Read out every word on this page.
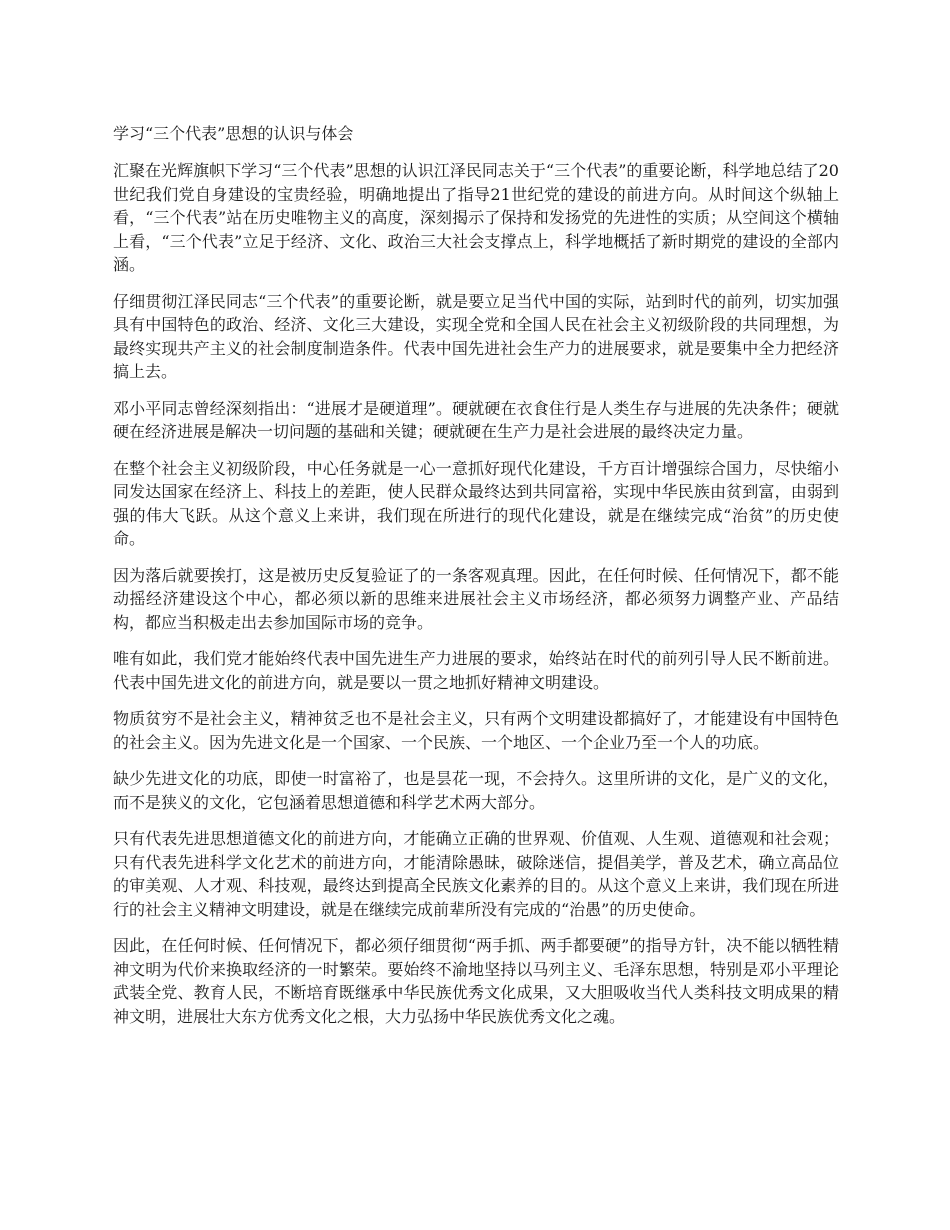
学习“三个代表”思想的认识与体会

汇聚在光辉旗帜下学习“三个代表”思想的认识江泽民同志关于“三个代表”的重要论断，科学地总结了20世纪我们党自身建设的宝贵经验，明确地提出了指导21世纪党的建设的前进方向。从时间这个纵轴上看，“三个代表”站在历史唯物主义的高度，深刻揭示了保持和发扬党的先进性的实质；从空间这个横轴上看，“三个代表”立足于经济、文化、政治三大社会支撑点上，科学地概括了新时期党的建设的全部内涵。

仔细贯彻江泽民同志“三个代表”的重要论断，就是要立足当代中国的实际，站到时代的前列，切实加强具有中国特色的政治、经济、文化三大建设，实现全党和全国人民在社会主义初级阶段的共同理想，为最终实现共产主义的社会制度制造条件。代表中国先进社会生产力的进展要求，就是要集中全力把经济搞上去。

邓小平同志曾经深刻指出：“进展才是硬道理”。硬就硬在衣食住行是人类生存与进展的先决条件；硬就硬在经济进展是解决一切问题的基础和关键；硬就硬在生产力是社会进展的最终决定力量。

在整个社会主义初级阶段，中心任务就是一心一意抓好现代化建设，千方百计增强综合国力，尽快缩小同发达国家在经济上、科技上的差距，使人民群众最终达到共同富裕，实现中华民族由贫到富，由弱到强的伟大飞跃。从这个意义上来讲，我们现在所进行的现代化建设，就是在继续完成“治贫”的历史使命。

因为落后就要挨打，这是被历史反复验证了的一条客观真理。因此，在任何时候、任何情况下，都不能动摇经济建设这个中心，都必须以新的思维来进展社会主义市场经济，都必须努力调整产业、产品结构，都应当积极走出去参加国际市场的竞争。

唯有如此，我们党才能始终代表中国先进生产力进展的要求，始终站在时代的前列引导人民不断前进。代表中国先进文化的前进方向，就是要以一贯之地抓好精神文明建设。

物质贫穷不是社会主义，精神贫乏也不是社会主义，只有两个文明建设都搞好了，才能建设有中国特色的社会主义。因为先进文化是一个国家、一个民族、一个地区、一个企业乃至一个人的功底。

缺少先进文化的功底，即使一时富裕了，也是昙花一现，不会持久。这里所讲的文化，是广义的文化，而不是狭义的文化，它包涵着思想道德和科学艺术两大部分。

只有代表先进思想道德文化的前进方向，才能确立正确的世界观、价值观、人生观、道德观和社会观；只有代表先进科学文化艺术的前进方向，才能清除愚昧，破除迷信，提倡美学，普及艺术，确立高品位的审美观、人才观、科技观，最终达到提高全民族文化素养的目的。从这个意义上来讲，我们现在所进行的社会主义精神文明建设，就是在继续完成前辈所没有完成的“治愚”的历史使命。

因此，在任何时候、任何情况下，都必须仔细贯彻“两手抓、两手都要硬”的指导方针，决不能以牺牲精神文明为代价来换取经济的一时繁荣。要始终不渝地坚持以马列主义、毛泽东思想，特别是邓小平理论武装全党、教育人民，不断培育既继承中华民族优秀文化成果，又大胆吸收当代人类科技文明成果的精神文明，进展壮大东方优秀文化之根，大力弘扬中华民族优秀文化之魂。
